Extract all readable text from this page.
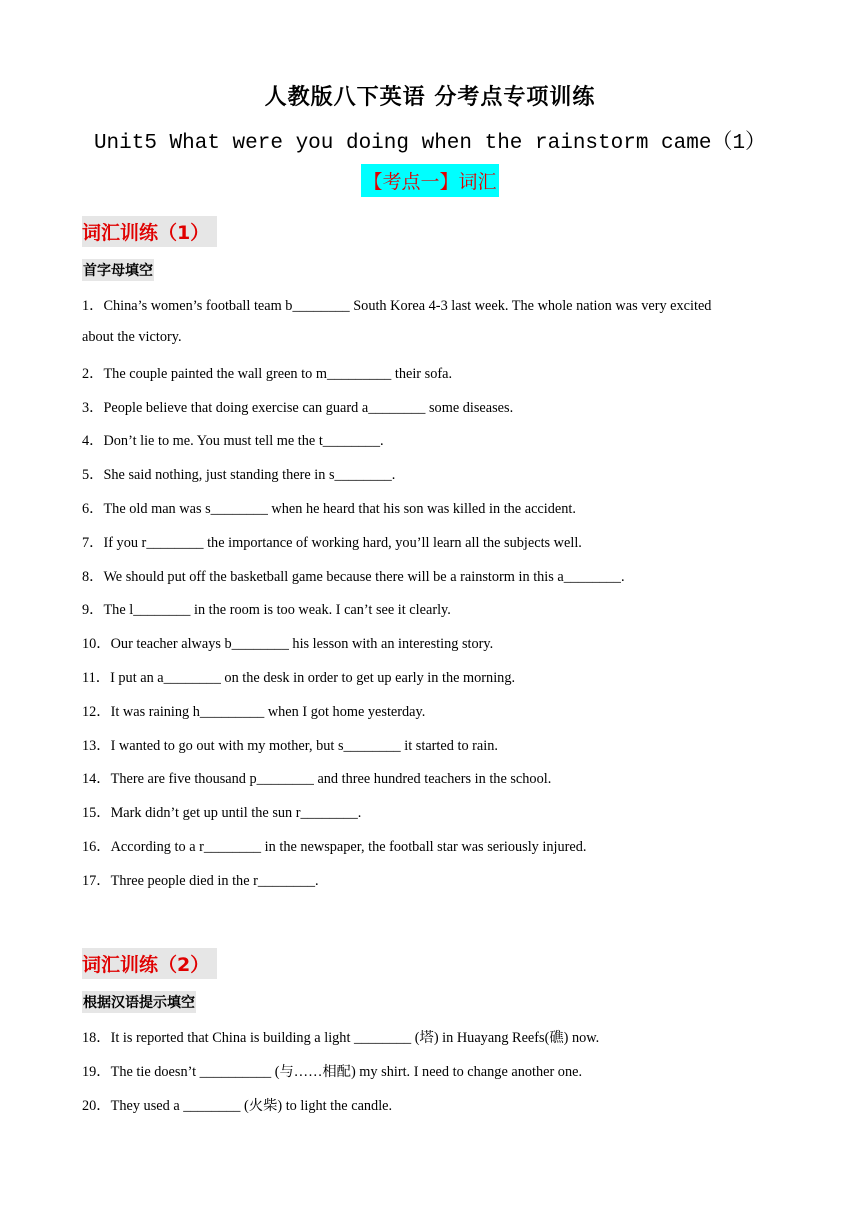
人教版八下英语 分考点专项训练
Unit5 What were you doing when the rainstorm came（1）
【考点一】词汇
词汇训练（1）
首字母填空
1．China’s women’s football team b________ South Korea 4-3 last week. The whole nation was very excited
about the victory.
2．The couple painted the wall green to m_________ their sofa.
3．People believe that doing exercise can guard a________ some diseases.
4．Don’t lie to me. You must tell me the t________.
5．She said nothing, just standing there in s________.
6．The old man was s________ when he heard that his son was killed in the accident.
7．If you r________ the importance of working hard, you’ll learn all the subjects well.
8．We should put off the basketball game because there will be a rainstorm in this a________.
9．The l________ in the room is too weak. I can’t see it clearly.
10．Our teacher always b________ his lesson with an interesting story.
11．I put an a________ on the desk in order to get up early in the morning.
12．It was raining h_________ when I got home yesterday.
13．I wanted to go out with my mother, but s________ it started to rain.
14．There are five thousand p________ and three hundred teachers in the school.
15．Mark didn’t get up until the sun r________.
16．According to a r________ in the newspaper, the football star was seriously injured.
17．Three people died in the r________.
词汇训练（2）
根据汉语提示填空
18．It is reported that China is building a light ________ (塔) in Huayang Reefs(礁) now.
19．The tie doesn’t __________ (与……相配) my shirt. I need to change another one.
20．They used a ________ (火柴) to light the candle.
